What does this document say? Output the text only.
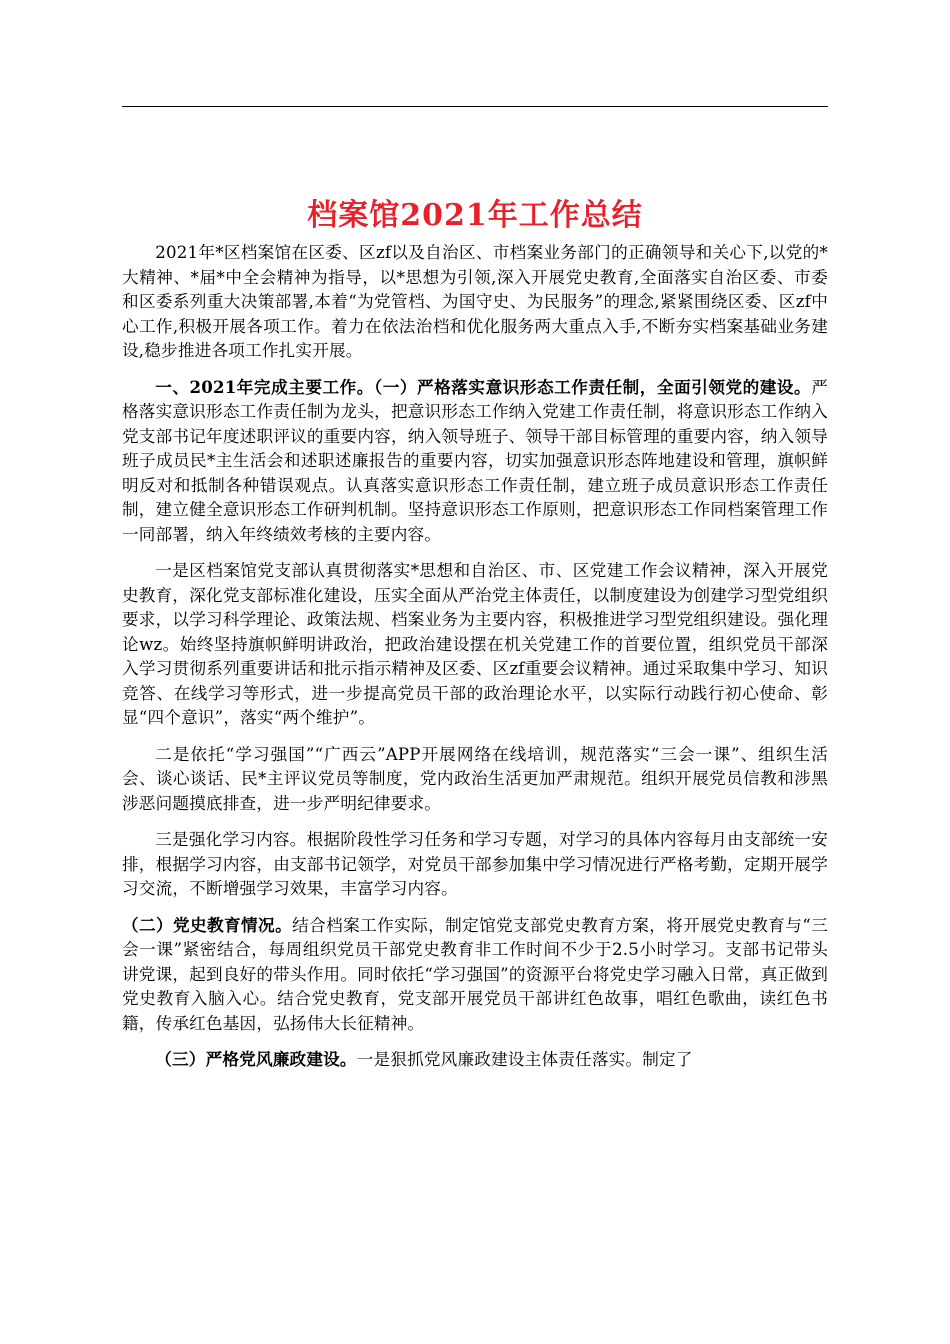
档案馆2021年工作总结

2021年*区档案馆在区委、区zf以及自治区、市档案业务部门的正确领导和关心下,以党的*大精神、*届*中全会精神为指导，以*思想为引领,深入开展党史教育,全面落实自治区委、市委和区委系列重大决策部署,本着“为党管档、为国守史、为民服务”的理念,紧紧围绕区委、区zf中心工作,积极开展各项工作。着力在依法治档和优化服务两大重点入手,不断夯实档案基础业务建设,稳步推进各项工作扎实开展。

一、2021年完成主要工作。（一）严格落实意识形态工作责任制，全面引领党的建设。严格落实意识形态工作责任制为龙头，把意识形态工作纳入党建工作责任制，将意识形态工作纳入党支部书记年度述职评议的重要内容，纳入领导班子、领导干部目标管理的重要内容，纳入领导班子成员民*主生活会和述职述廉报告的重要内容，切实加强意识形态阵地建设和管理，旗帜鲜明反对和抵制各种错误观点。认真落实意识形态工作责任制，建立班子成员意识形态工作责任制，建立健全意识形态工作研判机制。坚持意识形态工作原则，把意识形态工作同档案管理工作一同部署，纳入年终绩效考核的主要内容。

一是区档案馆党支部认真贯彻落实*思想和自治区、市、区党建工作会议精神，深入开展党史教育，深化党支部标准化建设，压实全面从严治党主体责任，以制度建设为创建学习型党组织要求，以学习科学理论、政策法规、档案业务为主要内容，积极推进学习型党组织建设。强化理论wz。始终坚持旗帜鲜明讲政治，把政治建设摆在机关党建工作的首要位置，组织党员干部深入学习贯彻系列重要讲话和批示指示精神及区委、区zf重要会议精神。通过采取集中学习、知识竞答、在线学习等形式，进一步提高党员干部的政治理论水平，以实际行动践行初心使命、彰显“四个意识”，落实“两个维护”。

二是依托“学习强国”“广西云”APP开展网络在线培训，规范落实“三会一课”、组织生活会、谈心谈话、民*主评议党员等制度，党内政治生活更加严肃规范。组织开展党员信教和涉黑涉恶问题摸底排查，进一步严明纪律要求。

三是强化学习内容。根据阶段性学习任务和学习专题，对学习的具体内容每月由支部统一安排，根据学习内容，由支部书记领学，对党员干部参加集中学习情况进行严格考勤，定期开展学习交流，不断增强学习效果，丰富学习内容。

（二）党史教育情况。结合档案工作实际，制定馆党支部党史教育方案，将开展党史教育与“三会一课”紧密结合，每周组织党员干部党史教育非工作时间不少于2.5小时学习。支部书记带头讲党课，起到良好的带头作用。同时依托“学习强国”的资源平台将党史学习融入日常，真正做到党史教育入脑入心。结合党史教育，党支部开展党员干部讲红色故事，唱红色歌曲，读红色书籍，传承红色基因，弘扬伟大长征精神。

（三）严格党风廉政建设。一是狠抓党风廉政建设主体责任落实。制定了
